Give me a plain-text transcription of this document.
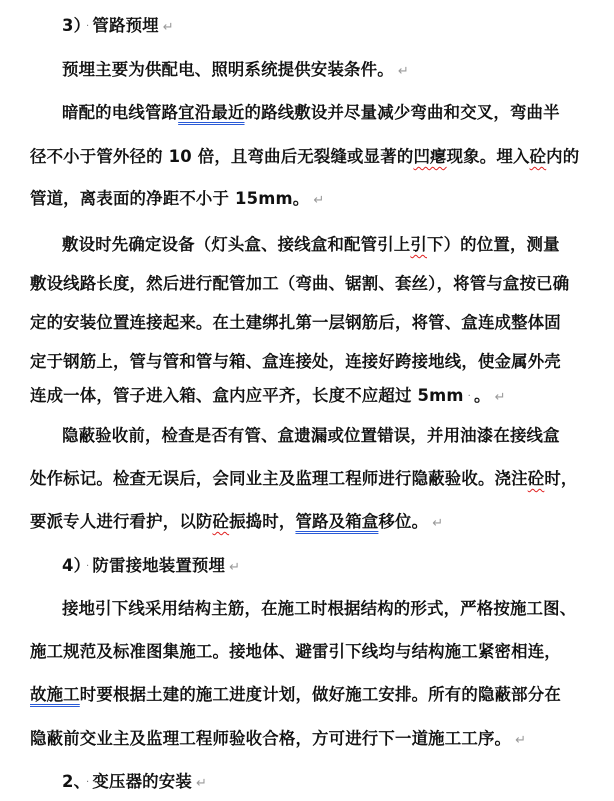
3） · 管路预埋 ↵
预埋主要为供配电、照明系统提供安装条件。 ↵
暗配的电线管路宜沿最近的路线敷设并尽量减少弯曲和交叉，弯曲半
径不小于管外径的 10 倍，且弯曲后无裂缝或显著的凹瘪现象。埋入砼内的
管道，离表面的净距不小于 15mm。 ↵
敷设时先确定设备（灯头盒、接线盒和配管引上引下）的位置，测量
敷设线路长度，然后进行配管加工（弯曲、锯割、套丝），将管与盒按已确
定的安装位置连接起来。在土建绑扎第一层钢筋后，将管、盒连成整体固
定于钢筋上，管与管和管与箱、盒连接处，连接好跨接地线，使金属外壳
连成一体，管子进入箱、盒内应平齐，长度不应超过 5mm · 。 ↵
隐蔽验收前，检查是否有管、盒遗漏或位置错误，并用油漆在接线盒
处作标记。检查无误后，会同业主及监理工程师进行隐蔽验收。浇注砼时，
要派专人进行看护，以防砼振捣时，管路及箱盒移位。 ↵
4） · 防雷接地装置预埋 ↵
接地引下线采用结构主筋，在施工时根据结构的形式，严格按施工图、
施工规范及标准图集施工。接地体、避雷引下线均与结构施工紧密相连，
故施工时要根据土建的施工进度计划，做好施工安排。所有的隐蔽部分在
隐蔽前交业主及监理工程师验收合格，方可进行下一道施工工序。 ↵
2、 · 变压器的安装 ↵
